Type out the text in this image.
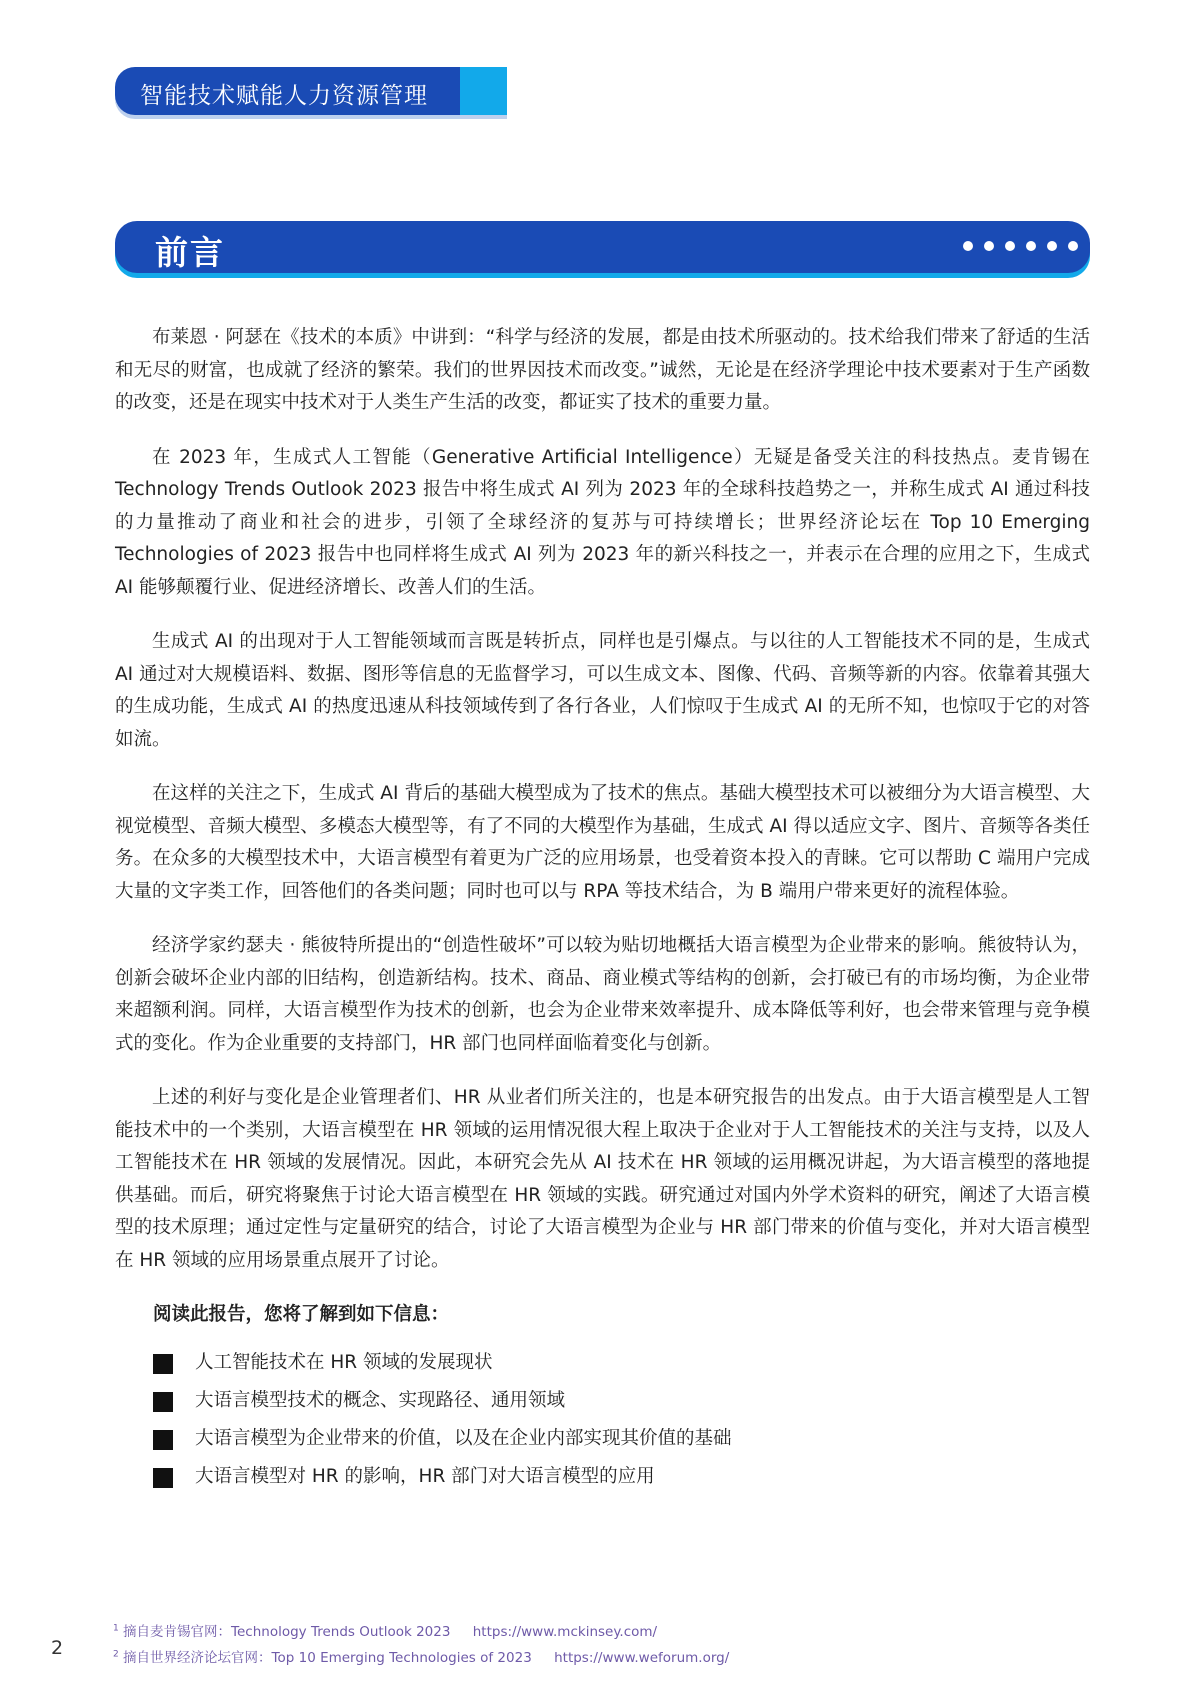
智能技术赋能人力资源管理
前言

布莱恩 · 阿瑟在《技术的本质》中讲到：“科学与经济的发展，都是由技术所驱动的。技术给我们带来了舒适的生活和无尽的财富，也成就了经济的繁荣。我们的世界因技术而改变。”诚然，无论是在经济学理论中技术要素对于生产函数的改变，还是在现实中技术对于人类生产生活的改变，都证实了技术的重要力量。

在 2023 年，生成式人工智能（Generative Artificial Intelligence）无疑是备受关注的科技热点。麦肯锡在 Technology Trends Outlook 2023 报告中将生成式 AI 列为 2023 年的全球科技趋势之一，并称生成式 AI 通过科技的力量推动了商业和社会的进步，引领了全球经济的复苏与可持续增长；世界经济论坛在 Top 10 Emerging Technologies of 2023 报告中也同样将生成式 AI 列为 2023 年的新兴科技之一，并表示在合理的应用之下，生成式 AI 能够颠覆行业、促进经济增长、改善人们的生活。

生成式 AI 的出现对于人工智能领域而言既是转折点，同样也是引爆点。与以往的人工智能技术不同的是，生成式 AI 通过对大规模语料、数据、图形等信息的无监督学习，可以生成文本、图像、代码、音频等新的内容。依靠着其强大的生成功能，生成式 AI 的热度迅速从科技领域传到了各行各业，人们惊叹于生成式 AI 的无所不知，也惊叹于它的对答如流。

在这样的关注之下，生成式 AI 背后的基础大模型成为了技术的焦点。基础大模型技术可以被细分为大语言模型、大视觉模型、音频大模型、多模态大模型等，有了不同的大模型作为基础，生成式 AI 得以适应文字、图片、音频等各类任务。在众多的大模型技术中，大语言模型有着更为广泛的应用场景，也受着资本投入的青睐。它可以帮助 C 端用户完成大量的文字类工作，回答他们的各类问题；同时也可以与 RPA 等技术结合，为 B 端用户带来更好的流程体验。

经济学家约瑟夫 · 熊彼特所提出的“创造性破坏”可以较为贴切地概括大语言模型为企业带来的影响。熊彼特认为，创新会破坏企业内部的旧结构，创造新结构。技术、商品、商业模式等结构的创新，会打破已有的市场均衡，为企业带来超额利润。同样，大语言模型作为技术的创新，也会为企业带来效率提升、成本降低等利好，也会带来管理与竞争模式的变化。作为企业重要的支持部门，HR 部门也同样面临着变化与创新。

上述的利好与变化是企业管理者们、HR 从业者们所关注的，也是本研究报告的出发点。由于大语言模型是人工智能技术中的一个类别，大语言模型在 HR 领域的运用情况很大程上取决于企业对于人工智能技术的关注与支持，以及人工智能技术在 HR 领域的发展情况。因此，本研究会先从 AI 技术在 HR 领域的运用概况讲起，为大语言模型的落地提供基础。而后，研究将聚焦于讨论大语言模型在 HR 领域的实践。研究通过对国内外学术资料的研究，阐述了大语言模型的技术原理；通过定性与定量研究的结合，讨论了大语言模型为企业与 HR 部门带来的价值与变化，并对大语言模型在 HR 领域的应用场景重点展开了讨论。

阅读此报告，您将了解到如下信息：
人工智能技术在 HR 领域的发展现状
大语言模型技术的概念、实现路径、通用领域
大语言模型为企业带来的价值，以及在企业内部实现其价值的基础
大语言模型对 HR 的影响，HR 部门对大语言模型的应用
$^1$ 摘自麦肯锡官网：Technology Trends Outlook 2023 https://www.mckinsey.com/
$^2$ 摘自世界经济论坛官网：Top 10 Emerging Technologies of 2023 https://www.weforum.org/
2
